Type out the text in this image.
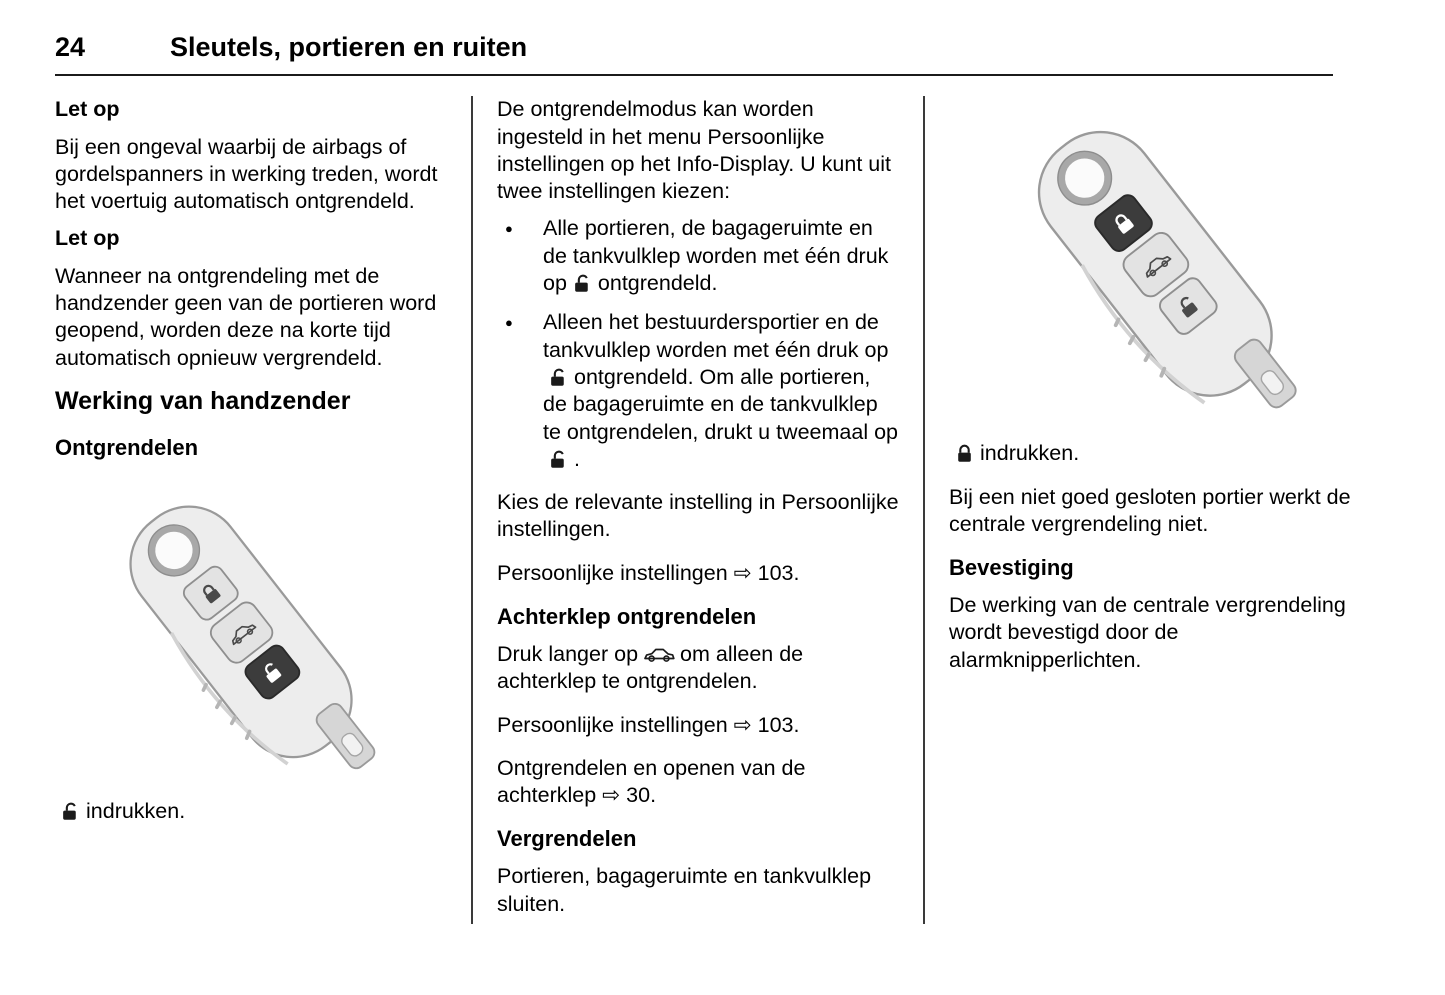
24	Sleutels, portieren en ruiten

Let op

Bij een ongeval waarbij de airbags of gordelspanners in werking treden, wordt het voertuig automatisch ontgrendeld.

Let op

Wanneer na ontgrendeling met de handzender geen van de portieren word geopend, worden deze na korte tijd automatisch opnieuw vergrendeld.

Werking van handzender
Ontgrendelen

indrukken.

De ontgrendelmodus kan worden ingesteld in het menu Persoonlijke instellingen op het Info-Display. U kunt uit twee instellingen kiezen:

●	Alle portieren, de bagageruimte en de tankvulklep worden met één druk op ontgrendeld.
●	Alleen het bestuurdersportier en de tankvulklep worden met één druk opontgrendeld. Om alle portieren, de bagageruimte en de tankvulklep te ontgrendelen, drukt u tweemaal op.

Kies de relevante instelling in Persoonlijke instellingen.

Persoonlijke instellingen ⇨ 103.

Achterklep ontgrendelen

Druk langer op om alleen de achterklep te ontgrendelen.

Persoonlijke instellingen ⇨ 103.

Ontgrendelen en openen van de achterklep ⇨ 30.

Vergrendelen

Portieren, bagageruimte en tankvulklep sluiten.

indrukken.

Bij een niet goed gesloten portier werkt de centrale vergrendeling niet.

Bevestiging

De werking van de centrale vergrendeling wordt bevestigd door de alarmknipperlichten.
